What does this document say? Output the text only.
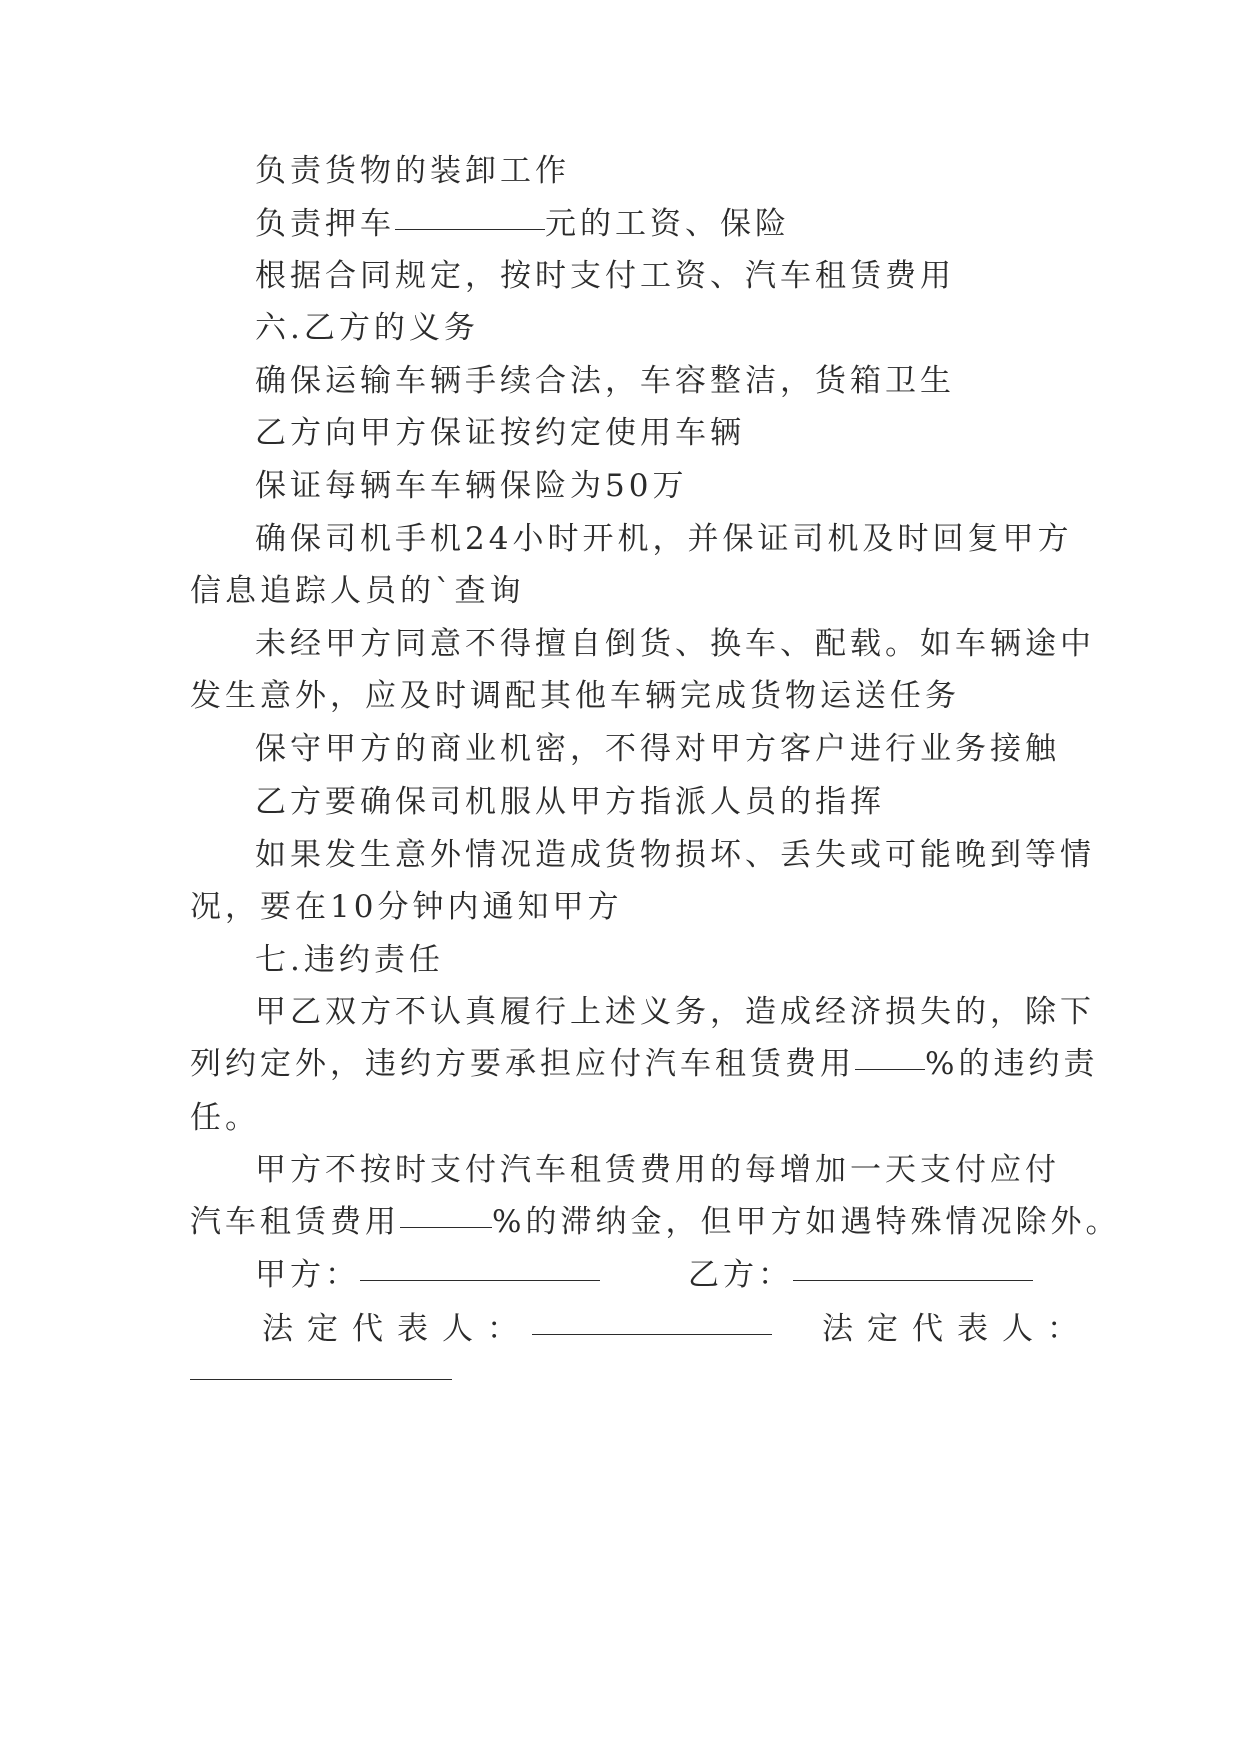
负责货物的装卸工作
负责押车	元的工资、保险
根据合同规定，按时支付工资、汽车租赁费用
六.乙方的义务
确保运输车辆手续合法，车容整洁，货箱卫生
乙方向甲方保证按约定使用车辆
保证每辆车车辆保险为50万
确保司机手机24小时开机，并保证司机及时回复甲方
信息追踪人员的`查询
未经甲方同意不得擅自倒货、换车、配载。如车辆途中
发生意外，应及时调配其他车辆完成货物运送任务
保守甲方的商业机密，不得对甲方客户进行业务接触
乙方要确保司机服从甲方指派人员的指挥
如果发生意外情况造成货物损坏、丢失或可能晚到等情
况，要在10分钟内通知甲方
七.违约责任
甲乙双方不认真履行上述义务，造成经济损失的，除下
列约定外，违约方要承担应付汽车租赁费用 %的违约责
任。
甲方不按时支付汽车租赁费用的每增加一天支付应付
汽车租赁费用	%的滞纳金，但甲方如遇特殊情况除外。
甲方：	乙方：
法定代表人：	法定代表人：
